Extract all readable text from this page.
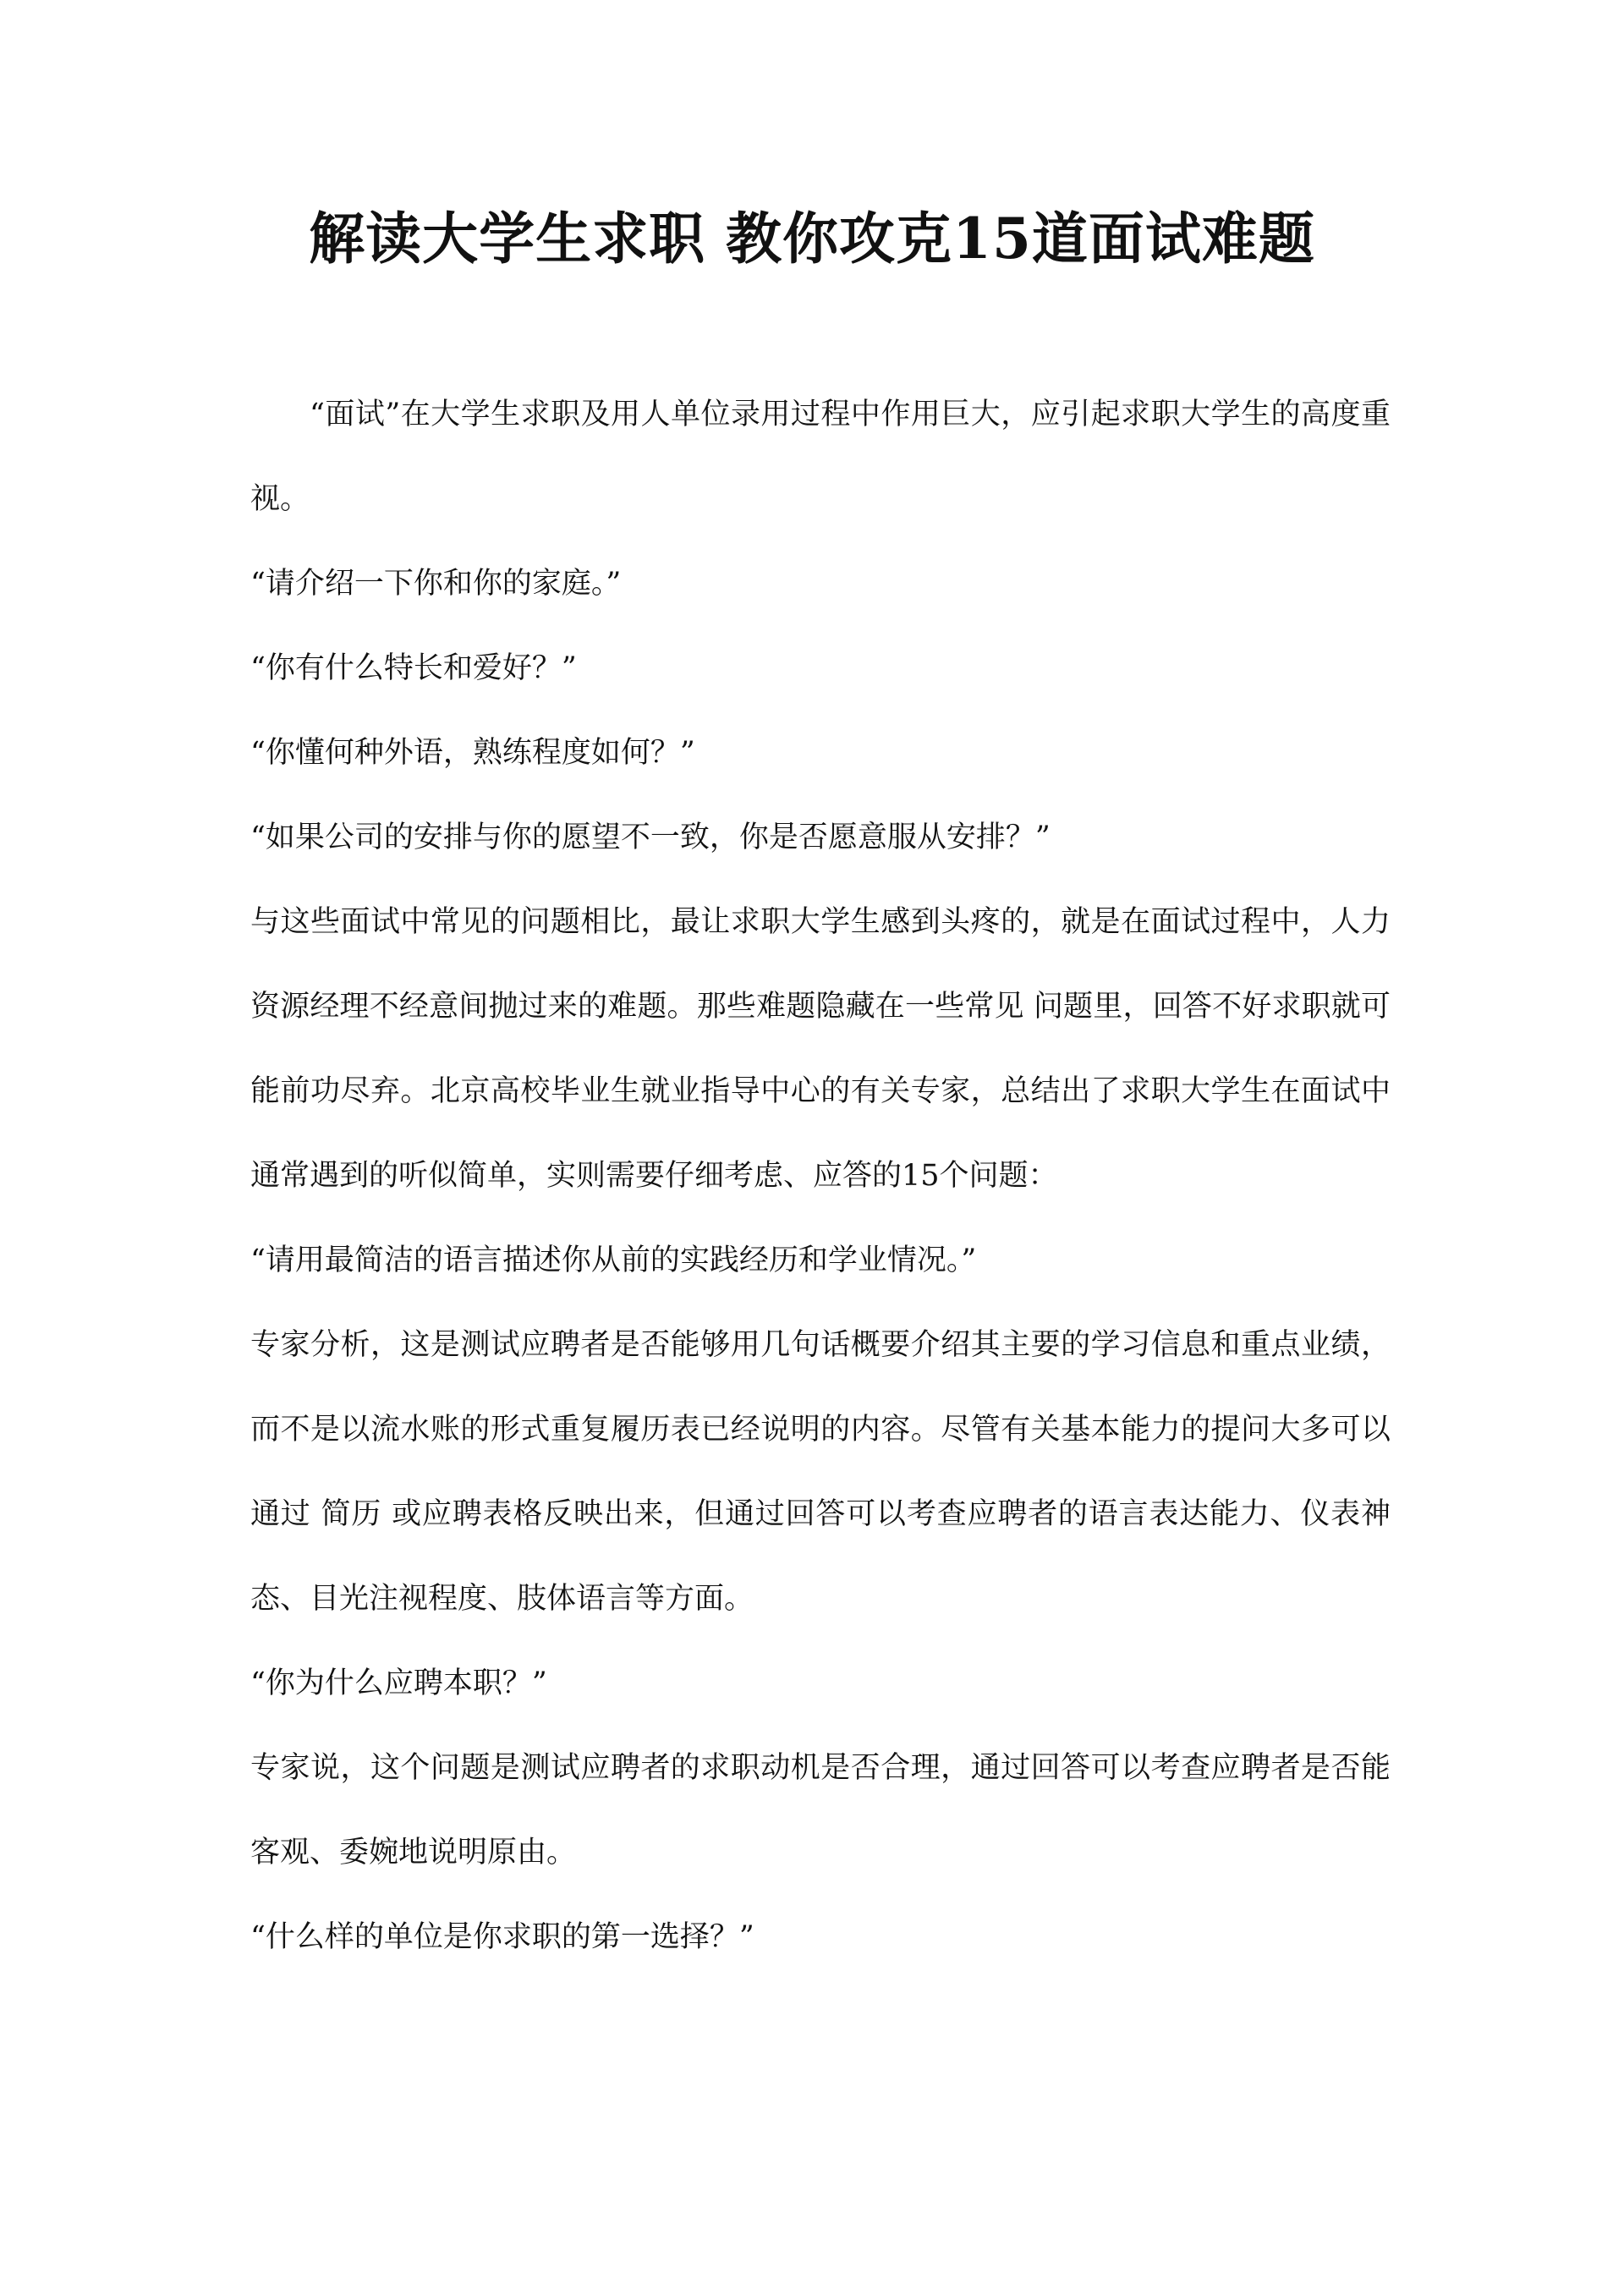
解读大学生求职 教你攻克15道面试难题

“面试”在大学生求职及用人单位录用过程中作用巨大，应引起求职大学生的高度重视。

“请介绍一下你和你的家庭。”

“你有什么特长和爱好？”

“你懂何种外语，熟练程度如何？”

“如果公司的安排与你的愿望不一致，你是否愿意服从安排？”

与这些面试中常见的问题相比，最让求职大学生感到头疼的，就是在面试过程中，人力资源经理不经意间抛过来的难题。那些难题隐藏在一些常见 问题里，回答不好求职就可能前功尽弃。北京高校毕业生就业指导中心的有关专家，总结出了求职大学生在面试中通常遇到的听似简单，实则需要仔细考虑、应答的15个问题：

“请用最简洁的语言描述你从前的实践经历和学业情况。”

专家分析，这是测试应聘者是否能够用几句话概要介绍其主要的学习信息和重点业绩，而不是以流水账的形式重复履历表已经说明的内容。尽管有关基本能力的提问大多可以通过 简历 或应聘表格反映出来，但通过回答可以考查应聘者的语言表达能力、仪表神态、目光注视程度、肢体语言等方面。

“你为什么应聘本职？”

专家说，这个问题是测试应聘者的求职动机是否合理，通过回答可以考查应聘者是否能客观、委婉地说明原由。

“什么样的单位是你求职的第一选择？”
